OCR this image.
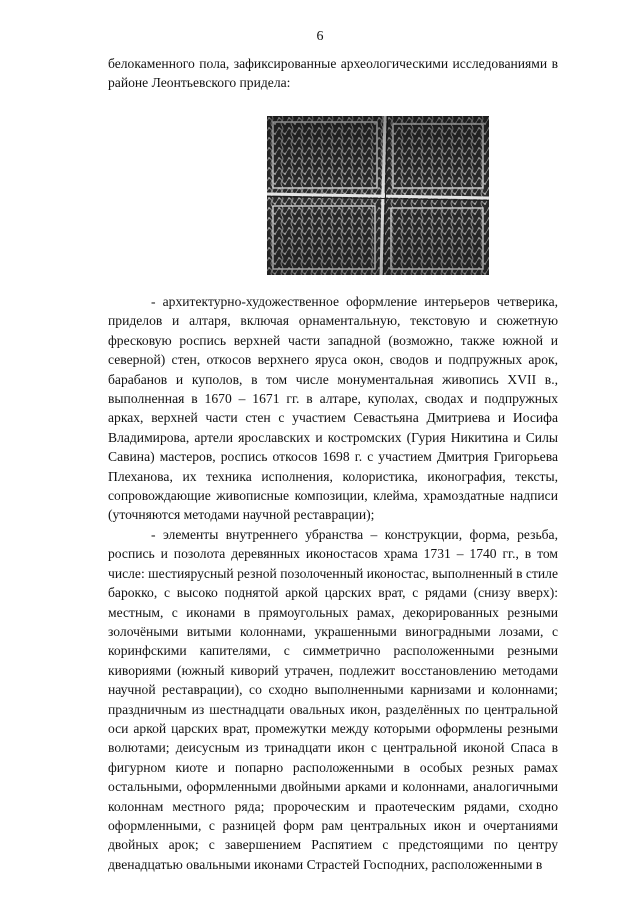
6

белокаменного пола, зафиксированные археологическими исследованиями в районе Леонтьевского придела:

- архитектурно-художественное оформление интерьеров четверика, приделов и алтаря, включая орнаментальную, текстовую и сюжетную фресковую роспись верхней части западной (возможно, также южной и северной) стен, откосов верхнего яруса окон, сводов и подпружных арок, барабанов и куполов, в том числе монументальная живопись XVII в., выполненная в 1670 – 1671 гг. в алтаре, куполах, сводах и подпружных арках, верхней части стен с участием Севастьяна Дмитриева и Иосифа Владимирова, артели ярославских и костромских (Гурия Никитина и Силы Савина) мастеров, роспись откосов 1698 г. с участием Дмитрия Григорьева Плеханова, их техника исполнения, колористика, иконография, тексты, сопровождающие живописные композиции, клейма, храмоздатные надписи (уточняются методами научной реставрации);

- элементы внутреннего убранства – конструкции, форма, резьба, роспись и позолота деревянных иконостасов храма 1731 – 1740 гг., в том числе: шестиярусный резной позолоченный иконостас, выполненный в стиле барокко, с высоко поднятой аркой царских врат, с рядами (снизу вверх): местным, с иконами в прямоугольных рамах, декорированных резными золочёными витыми колоннами, украшенными виноградными лозами, с коринфскими капителями, с симметрично расположенными резными кивориями (южный киворий утрачен, подлежит восстановлению методами научной реставрации), со сходно выполненными карнизами и колоннами; праздничным из шестнадцати овальных икон, разделённых по центральной оси аркой царских врат, промежутки между которыми оформлены резными волютами; деисусным из тринадцати икон с центральной иконой Спаса в фигурном киоте и попарно расположенными в особых резных рамах остальными, оформленными двойными арками и колоннами, аналогичными колоннам местного ряда; пророческим и праотеческим рядами, сходно оформленными, с разницей форм рам центральных икон и очертаниями двойных арок; с завершением Распятием с предстоящими по центру двенадцатью овальными иконами Страстей Господних, расположенными в
